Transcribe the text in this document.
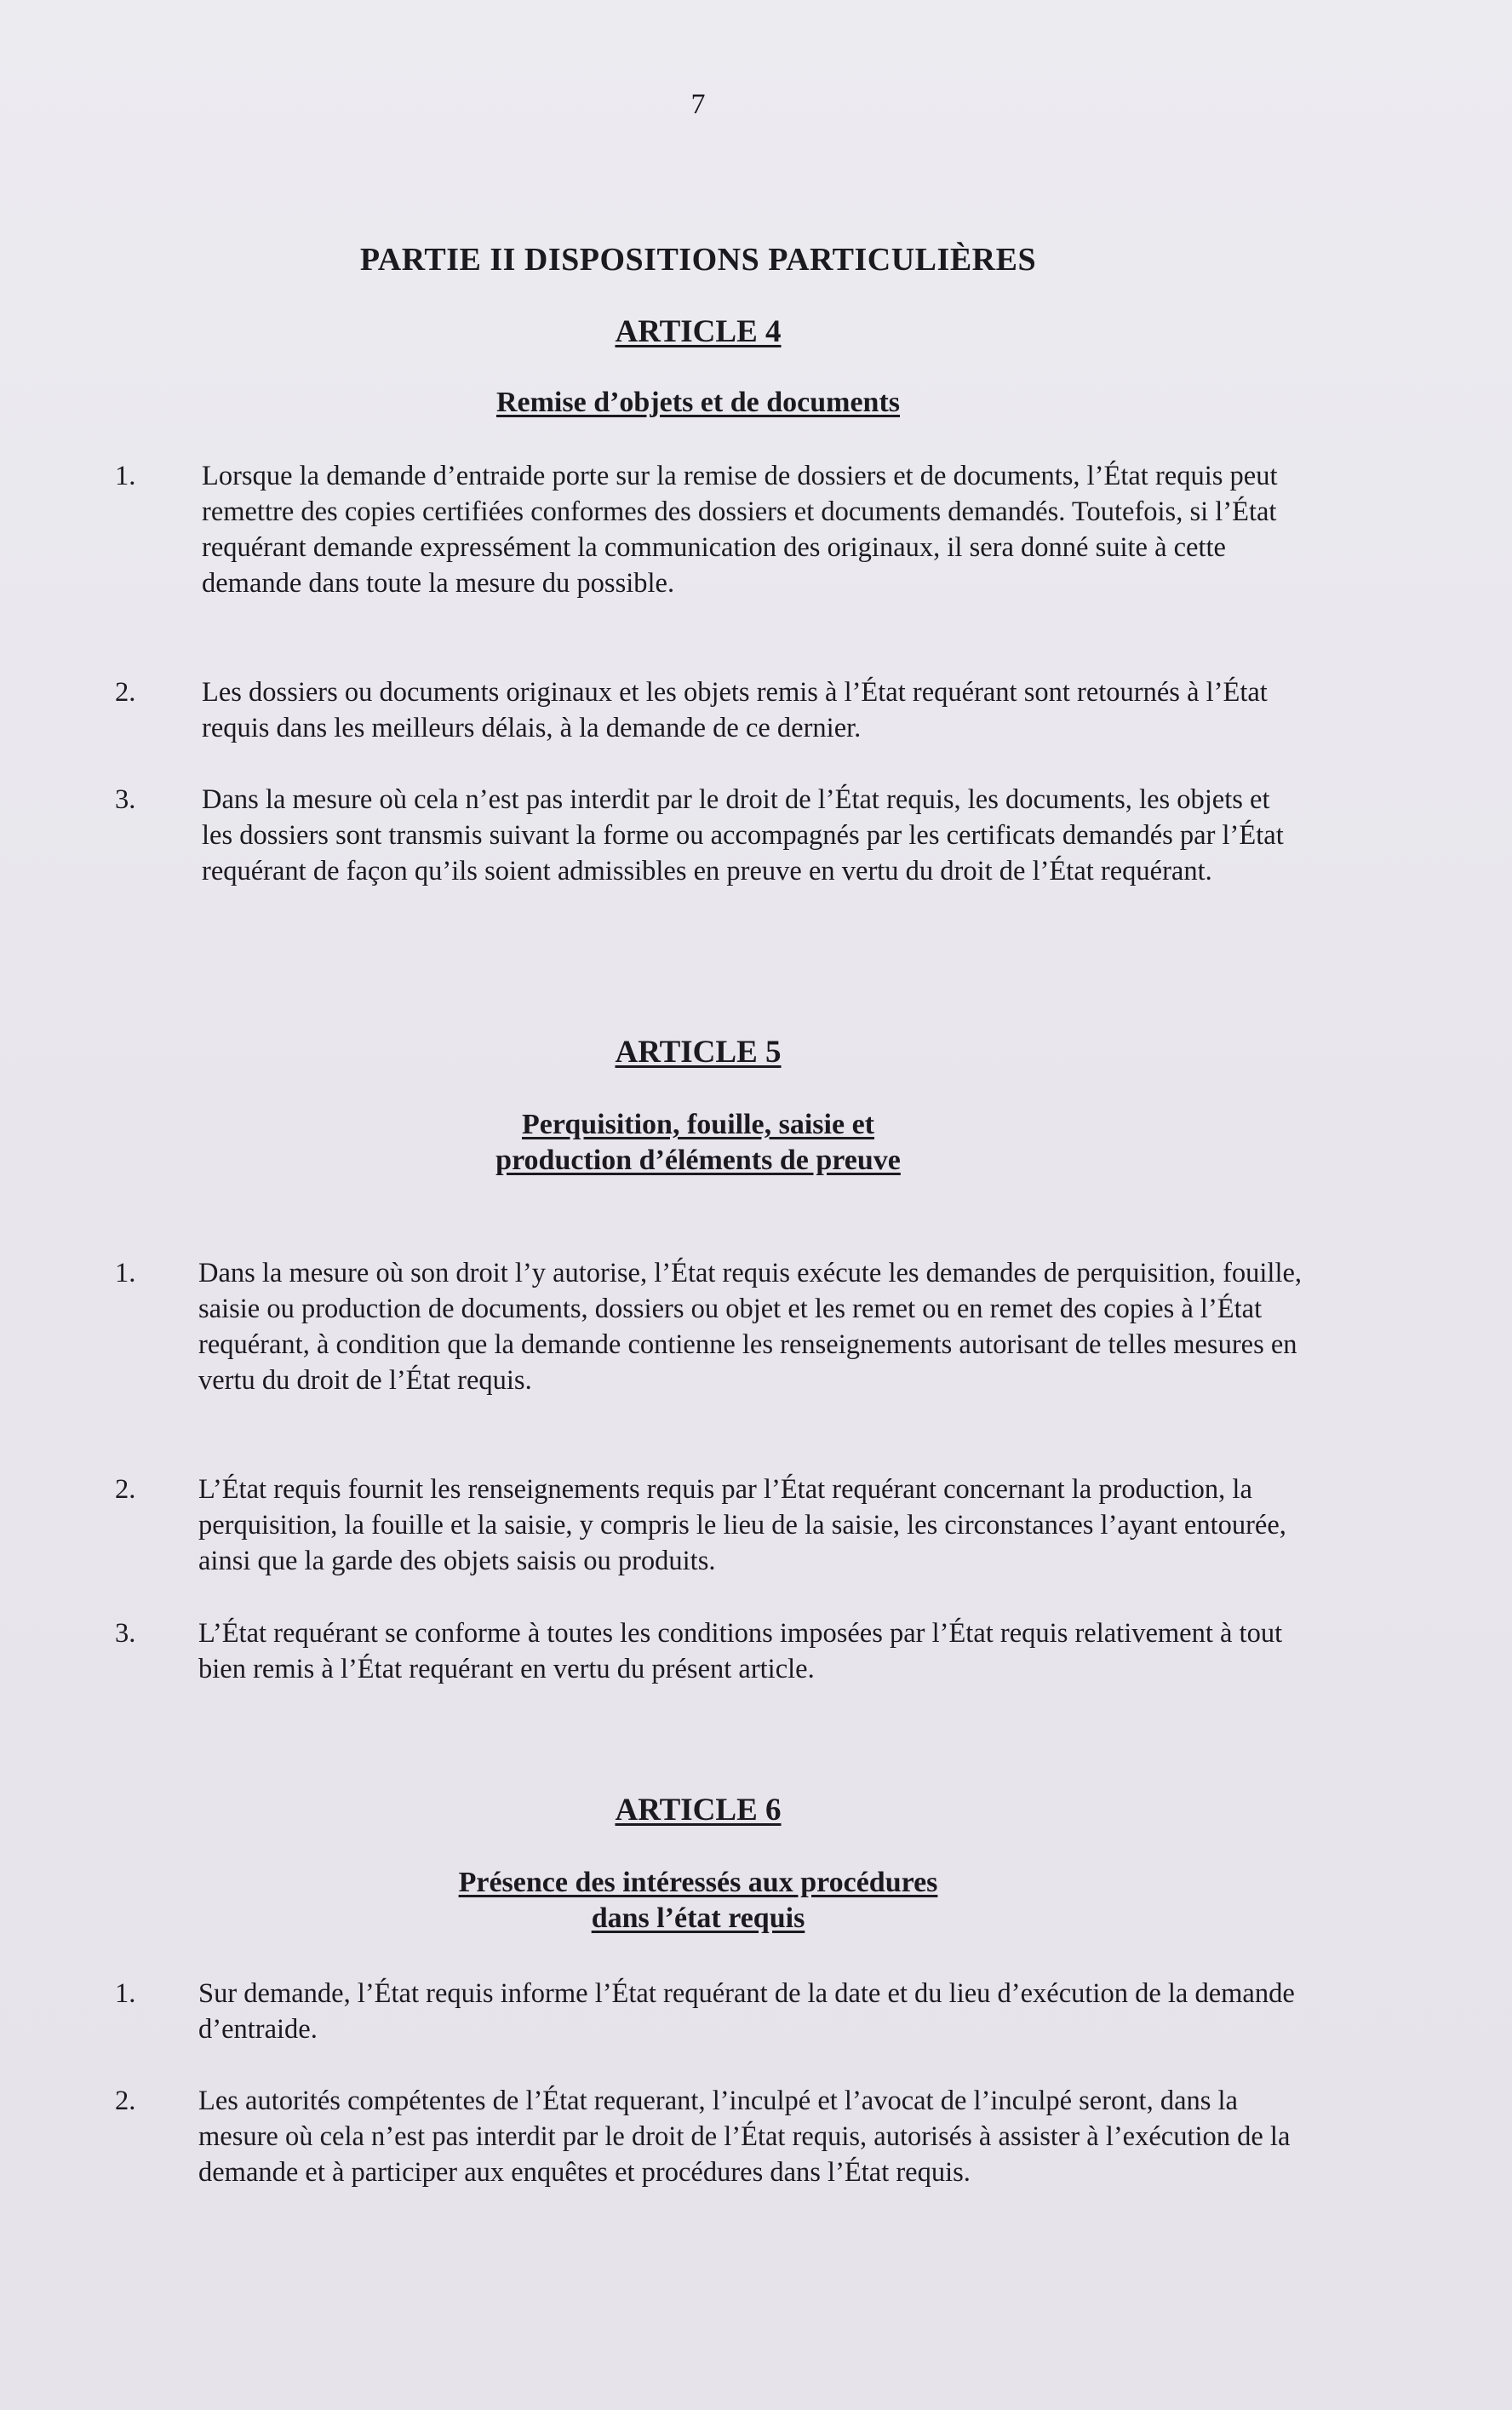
7
PARTIE II DISPOSITIONS PARTICULIÈRES
ARTICLE 4
Remise d’objets et de documents
1.	Lorsque la demande d’entraide porte sur la remise de dossiers et de documents, l’État requis peut remettre des copies certifiées conformes des dossiers et documents demandés. Toutefois, si l’État requérant demande expressément la communication des originaux, il sera donné suite à cette demande dans toute la mesure du possible.
2.	Les dossiers ou documents originaux et les objets remis à l’État requérant sont retournés à l’État requis dans les meilleurs délais, à la demande de ce dernier.
3.	Dans la mesure où cela n’est pas interdit par le droit de l’État requis, les documents, les objets et les dossiers sont transmis suivant la forme ou accompagnés par les certificats demandés par l’État requérant de façon qu’ils soient admissibles en preuve en vertu du droit de l’État requérant.
ARTICLE 5
Perquisition, fouille, saisie et
production d’éléments de preuve
1.	Dans la mesure où son droit l’y autorise, l’État requis exécute les demandes de perquisition, fouille, saisie ou production de documents, dossiers ou objet et les remet ou en remet des copies à l’État requérant, à condition que la demande contienne les renseignements autorisant de telles mesures en vertu du droit de l’État requis.
2.	L’État requis fournit les renseignements requis par l’État requérant concernant la production, la perquisition, la fouille et la saisie, y compris le lieu de la saisie, les circonstances l’ayant entourée, ainsi que la garde des objets saisis ou produits.
3.	L’État requérant se conforme à toutes les conditions imposées par l’État requis relativement à tout bien remis à l’État requérant en vertu du présent article.
ARTICLE 6
Présence des intéressés aux procédures
dans l’état requis
1.	Sur demande, l’État requis informe l’État requérant de la date et du lieu d’exécution de la demande d’entraide.
2.	Les autorités compétentes de l’État requerant, l’inculpé et l’avocat de l’inculpé seront, dans la mesure où cela n’est pas interdit par le droit de l’État requis, autorisés à assister à l’exécution de la demande et à participer aux enquêtes et procédures dans l’État requis.
